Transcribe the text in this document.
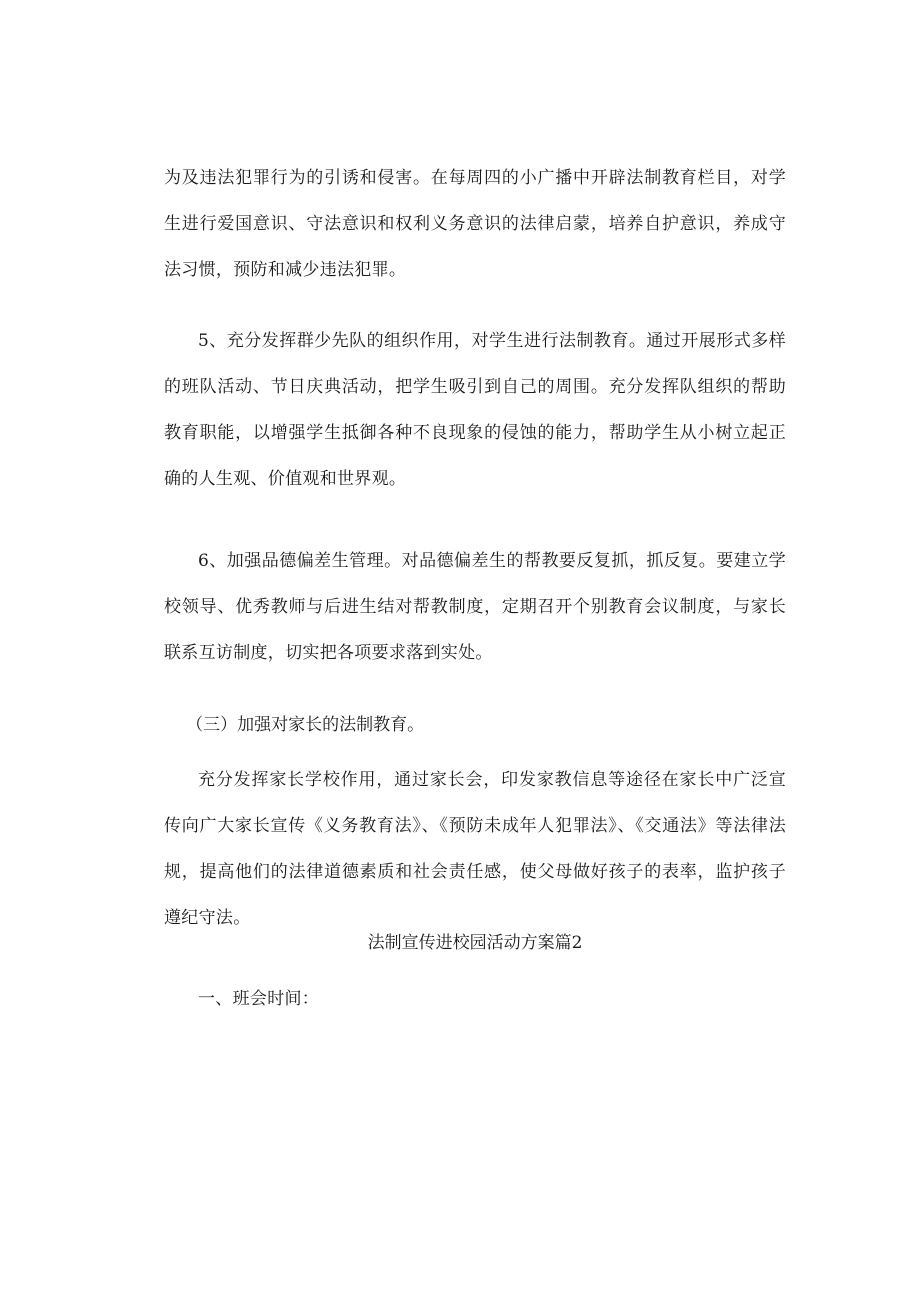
为及违法犯罪行为的引诱和侵害。在每周四的小广播中开辟法制教育栏目，对学生进行爱国意识、守法意识和权利义务意识的法律启蒙，培养自护意识，养成守法习惯，预防和减少违法犯罪。

5、充分发挥群少先队的组织作用，对学生进行法制教育。通过开展形式多样的班队活动、节日庆典活动，把学生吸引到自己的周围。充分发挥队组织的帮助教育职能，以增强学生抵御各种不良现象的侵蚀的能力，帮助学生从小树立起正确的人生观、价值观和世界观。

6、加强品德偏差生管理。对品德偏差生的帮教要反复抓，抓反复。要建立学校领导、优秀教师与后进生结对帮教制度，定期召开个别教育会议制度，与家长联系互访制度，切实把各项要求落到实处。

（三）加强对家长的法制教育。

充分发挥家长学校作用，通过家长会，印发家教信息等途径在家长中广泛宣传向广大家长宣传《义务教育法》、《预防未成年人犯罪法》、《交通法》等法律法规，提高他们的法律道德素质和社会责任感，使父母做好孩子的表率，监护孩子遵纪守法。

法制宣传进校园活动方案篇2

一、班会时间：
